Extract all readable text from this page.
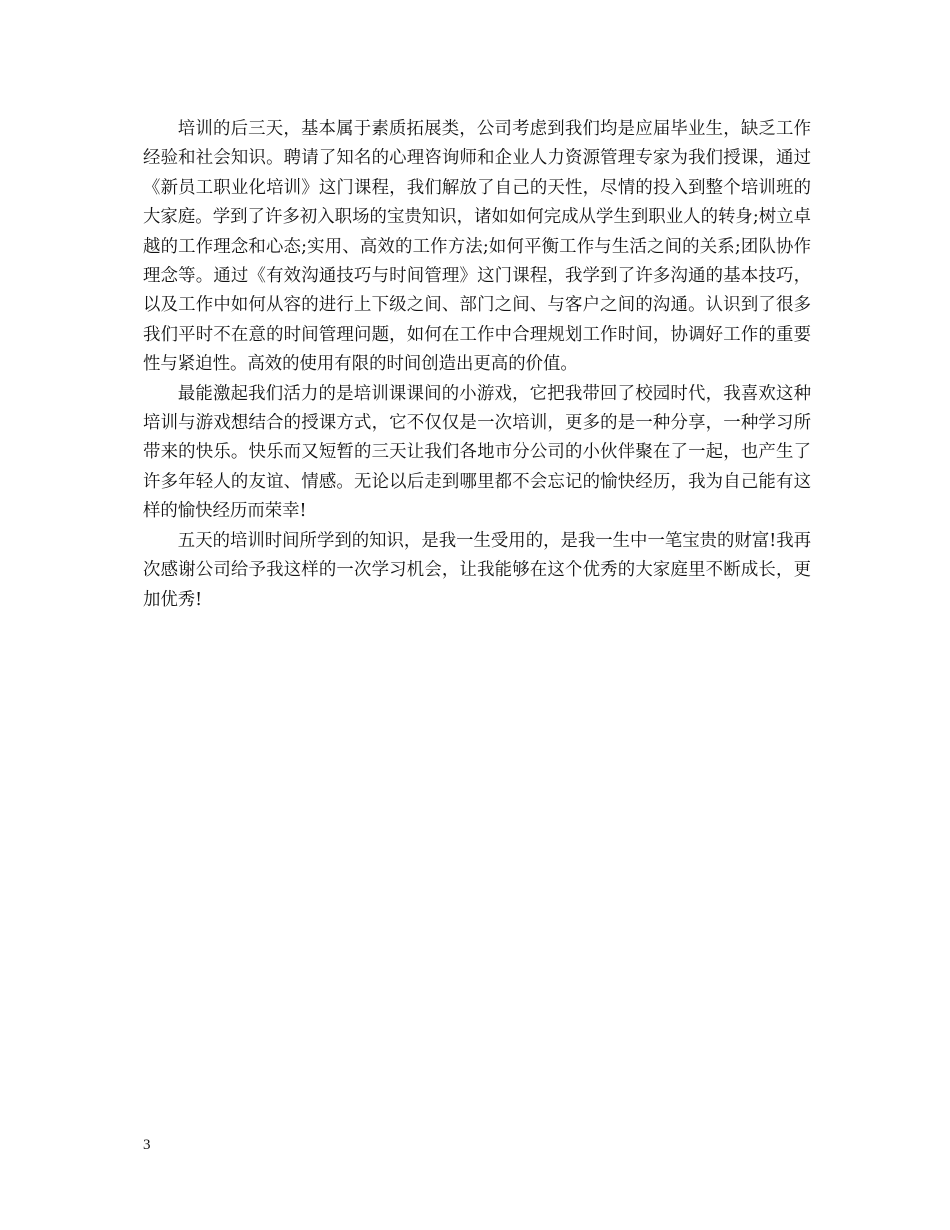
培训的后三天，基本属于素质拓展类，公司考虑到我们均是应届毕业生，缺乏工作经验和社会知识。聘请了知名的心理咨询师和企业人力资源管理专家为我们授课，通过《新员工职业化培训》这门课程，我们解放了自己的天性，尽情的投入到整个培训班的大家庭。学到了许多初入职场的宝贵知识，诸如如何完成从学生到职业人的转身;树立卓越的工作理念和心态;实用、高效的工作方法;如何平衡工作与生活之间的关系;团队协作理念等。通过《有效沟通技巧与时间管理》这门课程，我学到了许多沟通的基本技巧，以及工作中如何从容的进行上下级之间、部门之间、与客户之间的沟通。认识到了很多我们平时不在意的时间管理问题，如何在工作中合理规划工作时间，协调好工作的重要性与紧迫性。高效的使用有限的时间创造出更高的价值。

最能激起我们活力的是培训课课间的小游戏，它把我带回了校园时代，我喜欢这种培训与游戏想结合的授课方式，它不仅仅是一次培训，更多的是一种分享，一种学习所带来的快乐。快乐而又短暂的三天让我们各地市分公司的小伙伴聚在了一起，也产生了许多年轻人的友谊、情感。无论以后走到哪里都不会忘记的愉快经历，我为自己能有这样的愉快经历而荣幸!

五天的培训时间所学到的知识，是我一生受用的，是我一生中一笔宝贵的财富!我再次感谢公司给予我这样的一次学习机会，让我能够在这个优秀的大家庭里不断成长，更加优秀!

3
